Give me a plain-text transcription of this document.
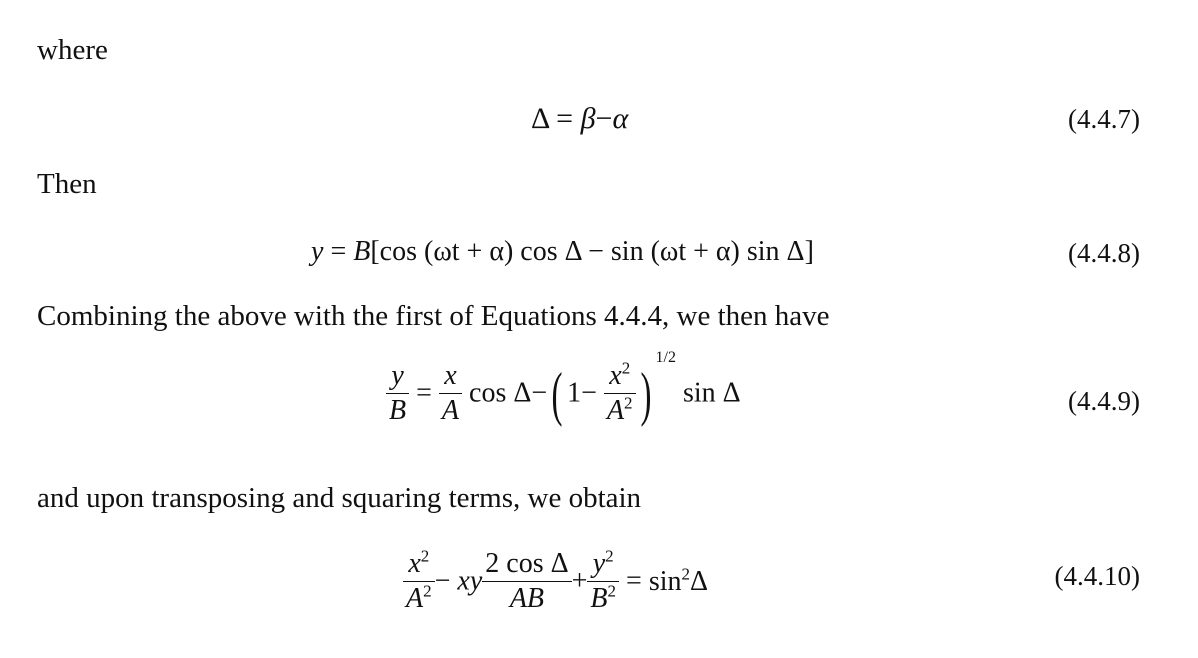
where
Δ = β−α	(4.4.7)
Then
y = B[cos (ωt + α) cos Δ − sin (ωt + α) sin Δ]	(4.4.8)
Combining the above with the first of Equations 4.4.4, we then have
$\frac{y}{B} = \frac{x}{A}$ cos Δ−( $1- \frac{x^2}{A^2} )^{1/2}$ sin Δ	(4.4.9)
and upon transposing and squaring terms, we obtain
$\frac{x^2}{A^2}$ − xy $\frac{\text{2 cos Δ}}{AB} + \frac{y^2}{B^2} = \sin^2\Delta$	(4.4.10)
